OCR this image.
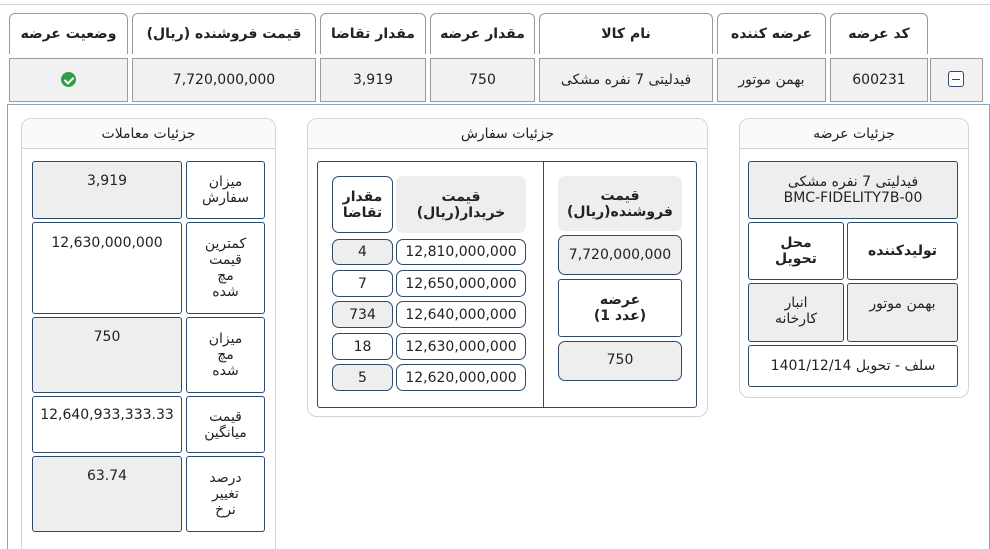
کد عرضه
عرضه کننده
نام کالا
مقدار عرضه
مقدار تقاضا
قیمت فروشنده (ریال)
وضعیت عرضه
600231
بهمن موتور
فیدلیتی 7 نفره مشکی
750
3,919
7,720,000,000
جزئیات عرضه
فیدلیتی 7 نفره مشکی
BMC-FIDELITY7B-00
تولیدکننده
محل
تحویل
بهمن موتور
انبار
کارخانه
سلف - تحویل 1401/12/14
جزئیات سفارش
قیمت
فروشنده(ریال)
7,720,000,000
عرضه
(1 عدد)
750
قیمت
خریدار(ریال)
مقدار
تقاضا
12,810,000,000
4
12,650,000,000
7
12,640,000,000
734
12,630,000,000
18
12,620,000,000
5
جزئیات معاملات
میزان
سفارش
3,919
کمترین
قیمت
مچ
شده
12,630,000,000
میزان
مچ
شده
750
قیمت
میانگین
12,640,933,333.33
درصد
تغییر
نرخ
63.74
